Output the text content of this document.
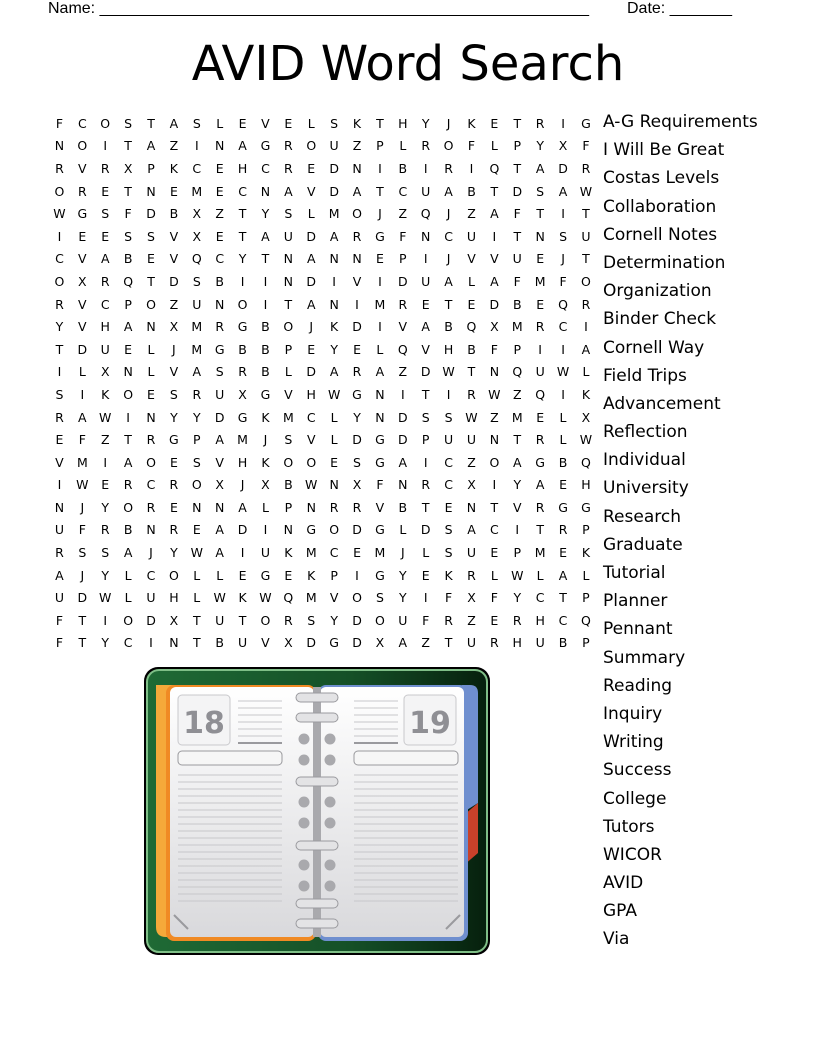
Name: _______________________________________________________ Date: _______
AVID Word Search
F	C	O	S	T	A	S	L	E	V	E	L	S	K	T	H	Y	J	K	E	T	R	I	G
N	O	I	T	A	Z	I	N	A	G	R	O	U	Z	P	L	R	O	F	L	P	Y	X	F
R	V	R	X	P	K	C	E	H	C	R	E	D	N	I	B	I	R	I	Q	T	A	D	R
O	R	E	T	N	E	M	E	C	N	A	V	D	A	T	C	U	A	B	T	D	S	A W
W G	S	F	D	B	X	Z	T	Y	S	L	M	O	J	Z	Q	J	Z	A	F	T	I	T
I	E	E	S	S	V	X	E	T	A	U	D	A	R	G	F	N	C	U	I	T	N	S	U
C	V	A	B	E	V	Q	C	Y	T	N	A	N	N	E	P	I	J	V	V	U	E	J	T
O	X	R	Q	T	D	S	B	I	I	N	D	I	V	I	D	U	A	L	A	F	M	F	O
R	V	C	P	O	Z	U	N	O	I	T	A	N	I	M	R	E	T	E	D	B	E	Q	R
Y	V	H	A	N	X	M	R	G	B	O	J	K	D	I	V	A	B	Q	X	M	R	C	I
T	D	U	E	L	J	M	G	B	B	P	E	Y	E	L	Q	V	H	B	F	P	I	I	A
I	L	X	N	L	V	A	S	R	B	L	D	A	R	A	Z	D W	T	N	Q	U W	L
S	I	K	O	E	S	R	U	X	G	V	H W G	N	I	T	I	R W Z	Q	I	K
R	A W	I	N	Y	Y	D	G	K	M	C	L	Y	N	D	S	S	W Z	M	E	L	X
E	F	Z	T	R	G	P	A	M	J	S	V	L	D	G	D	P	U	U	N	T	R	L	W
V	M	I	A	O	E	S	V	H	K	O	O	E	S	G	A	I	C	Z	O	A	G	B	Q
I	W	E	R	C	R	O	X	J	X	B W N	X	F	N	R	C	X	I	Y	A	E	H
N	J	Y	O	R	E	N	N	A	L	P	N	R	R	V	B	T	E	N	T	V	R	G	G
U	F	R	B	N	R	E	A	D	I	N	G	O	D	G	L	D	S	A	C	I	T	R	P
R	S	S	A	J	Y	W A	I	U	K	M	C	E	M	J	L	S	U	E	P	M	E	K
A	J	Y	L	C	O	L	L	E	G	E	K	P	I	G	Y	E	K	R	L	W	L	A	L
U	D W	L	U	H	L	W	K	W Q	M	V	O	S	Y	I	F	X	F	Y	C	T	P
F	T	I	O	D	X	T	U	T	O	R	S	Y	D	O	U	F	R	Z	E	R	H	C	Q
F	T	Y	C	I	N	T	B	U	V	X	D	G	D	X	A	Z	T	U	R	H	U	B	P
A-G Requirements
I Will Be Great
Costas Levels
Collaboration
Cornell Notes
Determination
Organization
Binder Check
Cornell Way
Field Trips
Advancement
Reflection
Individual
University
Research
Graduate
Tutorial
Planner
Pennant
Summary
Reading
Inquiry
Writing
Success
College
Tutors
WICOR
AVID
GPA
Via
18	19
